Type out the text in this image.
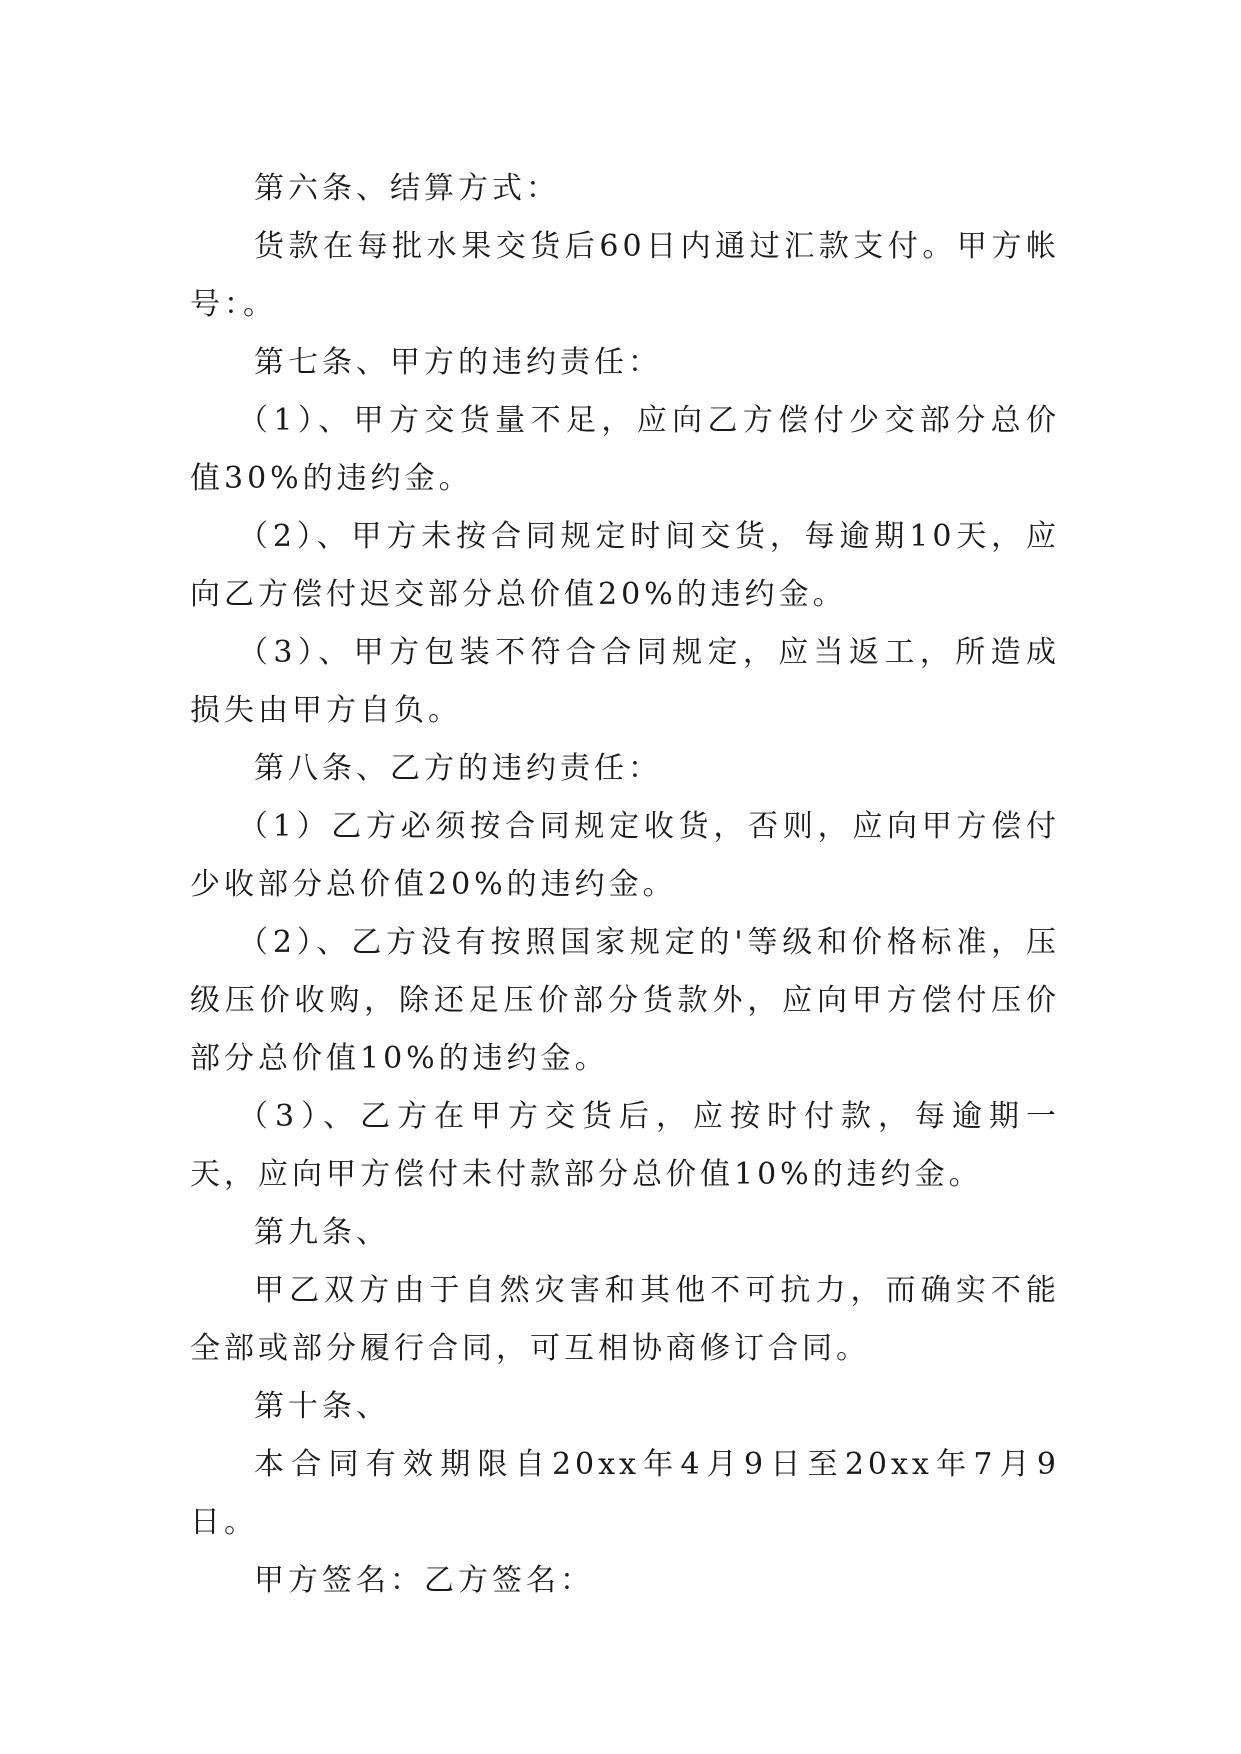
第六条、结算方式：

货款在每批水果交货后60日内通过汇款支付。甲方帐号：。

第七条、甲方的违约责任：

（1）、甲方交货量不足，应向乙方偿付少交部分总价值30%的违约金。

（2）、甲方未按合同规定时间交货，每逾期10天，应向乙方偿付迟交部分总价值20%的违约金。

（3）、甲方包装不符合合同规定，应当返工，所造成损失由甲方自负。

第八条、乙方的违约责任：

（1）乙方必须按合同规定收货，否则，应向甲方偿付少收部分总价值20%的违约金。

（2）、乙方没有按照国家规定的'等级和价格标准，压级压价收购，除还足压价部分货款外，应向甲方偿付压价部分总价值10%的违约金。

（3）、乙方在甲方交货后，应按时付款，每逾期一天，应向甲方偿付未付款部分总价值10%的违约金。

第九条、

甲乙双方由于自然灾害和其他不可抗力，而确实不能全部或部分履行合同，可互相协商修订合同。

第十条、

本合同有效期限自20xx年4月9日至20xx年7月9日。

甲方签名：乙方签名：
